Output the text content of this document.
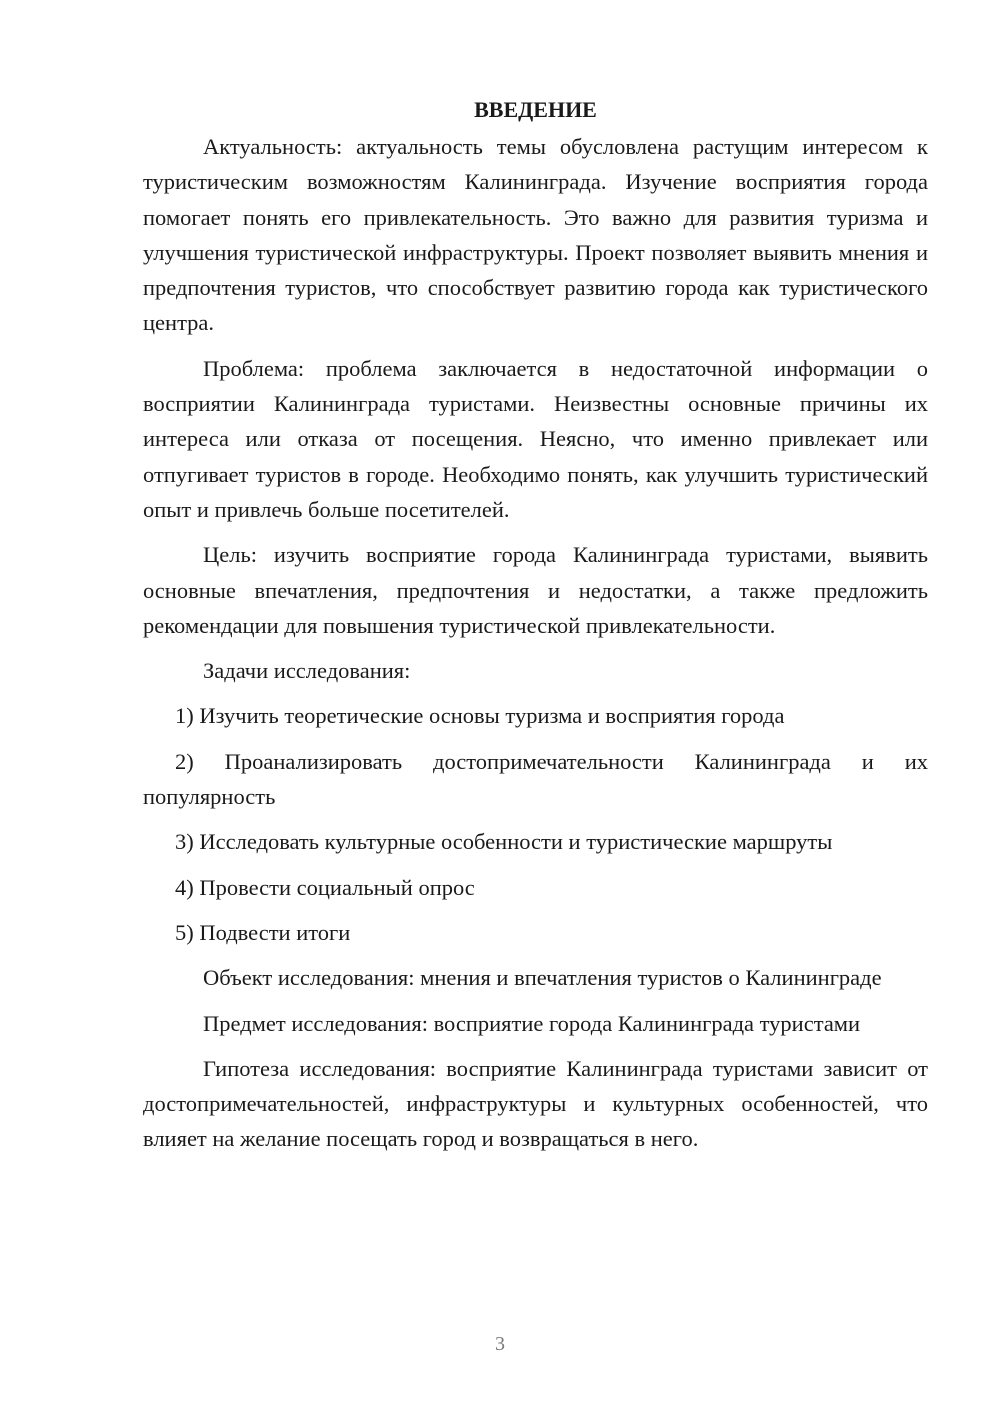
ВВЕДЕНИЕ

Актуальность: актуальность темы обусловлена растущим интересом к туристическим возможностям Калининграда. Изучение восприятия города помогает понять его привлекательность. Это важно для развития туризма и улучшения туристической инфраструктуры. Проект позволяет выявить мнения и предпочтения туристов, что способствует развитию города как туристического центра.

Проблема: проблема заключается в недостаточной информации о восприятии Калининграда туристами. Неизвестны основные причины их интереса или отказа от посещения. Неясно, что именно привлекает или отпугивает туристов в городе. Необходимо понять, как улучшить туристический опыт и привлечь больше посетителей.

Цель: изучить восприятие города Калининграда туристами, выявить основные впечатления, предпочтения и недостатки, а также предложить рекомендации для повышения туристической привлекательности.

Задачи исследования:

1) Изучить теоретические основы туризма и восприятия города

2) Проанализировать достопримечательности Калининграда и их популярность

3) Исследовать культурные особенности и туристические маршруты

4) Провести социальный опрос

5) Подвести итоги

Объект исследования: мнения и впечатления туристов о Калининграде

Предмет исследования: восприятие города Калининграда туристами

Гипотеза исследования: восприятие Калининграда туристами зависит от достопримечательностей, инфраструктуры и культурных особенностей, что влияет на желание посещать город и возвращаться в него.

3
